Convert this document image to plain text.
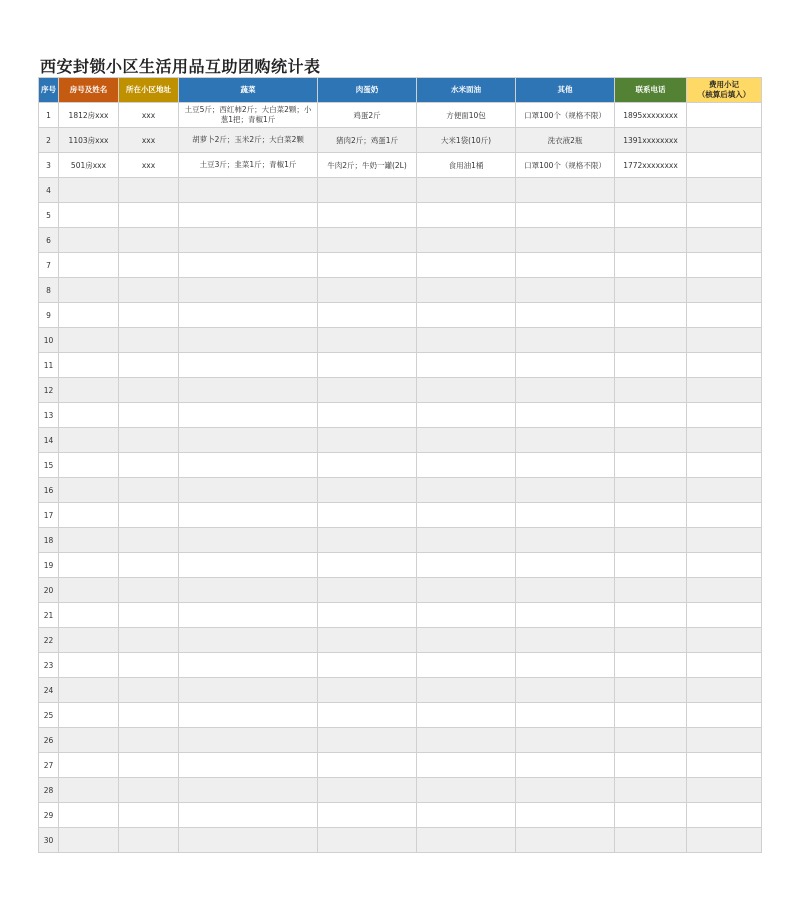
西安封锁小区生活用品互助团购统计表
序号	房号及姓名	所在小区地址	蔬菜	肉蛋奶	水米面油	其他	联系电话	费用小记
（核算后填入）

1	1812房xxx	xxx	土豆5斤；西红柿2斤；大白菜2颗；小葱1把；青椒1斤	鸡蛋2斤	方便面10包	口罩100个（规格不限）	1895xxxxxxxx	
2	1103房xxx	xxx	胡萝卜2斤；玉米2斤；大白菜2颗	猪肉2斤；鸡蛋1斤	大米1袋(10斤)	洗衣液2瓶	1391xxxxxxxx	
3	501房xxx	xxx	土豆3斤；韭菜1斤；青椒1斤	牛肉2斤；牛奶一罐(2L)	食用油1桶	口罩100个（规格不限）	1772xxxxxxxx	
4								
5								
6								
7								
8								
9								
10								
11								
12								
13								
14								
15								
16								
17								
18								
19								
20								
21								
22								
23								
24								
25								
26								
27								
28								
29								
30								
